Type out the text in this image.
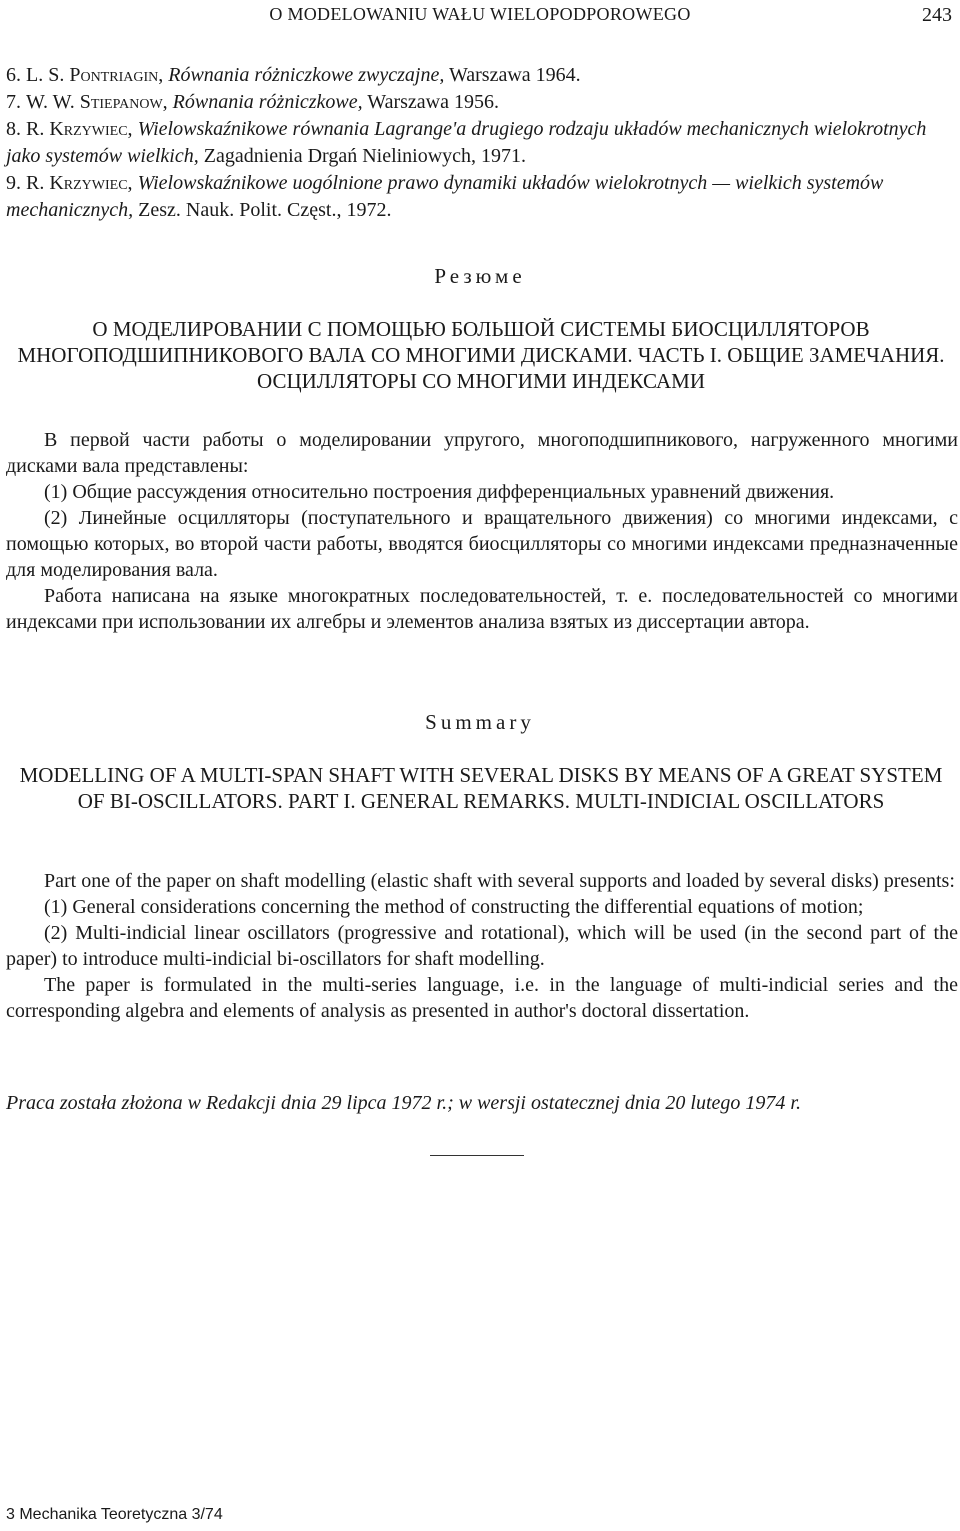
O MODELOWANIU WAŁU WIELOPODPOROWEGO	243

6. L. S. Pontriagin, Równania różniczkowe zwyczajne, Warszawa 1964.

7. W. W. Stiepanow, Równania różniczkowe, Warszawa 1956.

8. R. Krzywiec, Wielowskaźnikowe równania Lagrange'a drugiego rodzaju układów mechanicznych wielokrotnych jako systemów wielkich, Zagadnienia Drgań Nieliniowych, 1971.

9. R. Krzywiec, Wielowskaźnikowe uogólnione prawo dynamiki układów wielokrotnych — wielkich systemów mechanicznych, Zesz. Nauk. Polit. Częst., 1972.

Резюме
О МОДЕЛИРОВАНИИ С ПОМОЩЬЮ БОЛЬШОЙ СИСТЕМЫ БИОСЦИЛЛЯТОРОВ МНОГОПОДШИПНИКОВОГО ВАЛА СО МНОГИМИ ДИСКАМИ. ЧАСТЬ I. ОБЩИЕ ЗАМЕЧАНИЯ. ОСЦИЛЛЯТОРЫ СО МНОГИМИ ИНДЕКСАМИ

В первой части работы о моделировании упругого, многоподшипникового, нагруженного многими дисками вала представлены:

(1) Общие рассуждения относительно построения дифференциальных уравнений движения.

(2) Линейные осцилляторы (поступательного и вращательного движения) со многими индексами, с помощью которых, во второй части работы, вводятся биосцилляторы со многими индексами предназначенные для моделирования вала.

Работа написана на языке многократных последовательностей, т. е. последовательностей со многими индексами при использовании их алгебры и элементов анализа взятых из диссертации автора.

Summary
MODELLING OF A MULTI-SPAN SHAFT WITH SEVERAL DISKS BY MEANS OF A GREAT SYSTEM OF BI-OSCILLATORS. PART I. GENERAL REMARKS. MULTI-INDICIAL OSCILLATORS

Part one of the paper on shaft modelling (elastic shaft with several supports and loaded by several disks) presents:

(1) General considerations concerning the method of constructing the differential equations of motion;

(2) Multi-indicial linear oscillators (progressive and rotational), which will be used (in the second part of the paper) to introduce multi-indicial bi-oscillators for shaft modelling.

The paper is formulated in the multi-series language, i.e. in the language of multi-indicial series and the corresponding algebra and elements of analysis as presented in author's doctoral dissertation.

Praca została złożona w Redakcji dnia 29 lipca 1972 r.; w wersji ostatecznej dnia 20 lutego 1974 r.
3 Mechanika Teoretyczna 3/74
